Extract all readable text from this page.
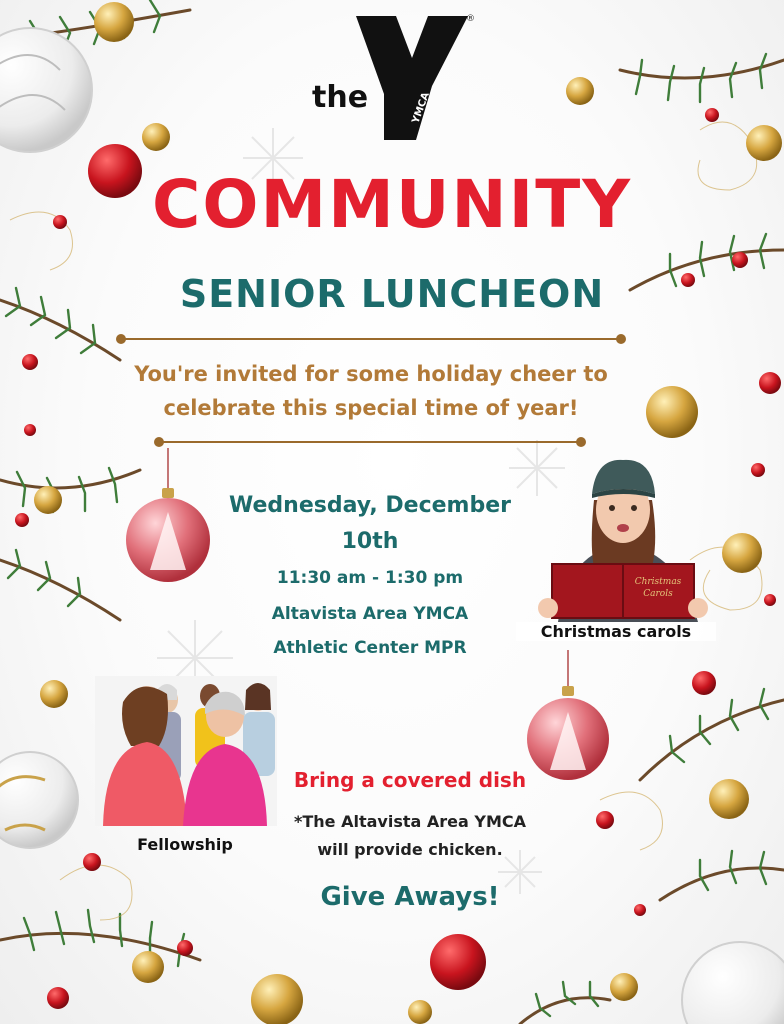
YMCA
the
®
COMMUNITY
SENIOR LUNCHEON
You're invited for some holiday cheer to
celebrate this special time of year!
Wednesday, December
10th
11:30 am - 1:30 pm
Altavista Area YMCA
Athletic Center MPR
Christmas
Carols
Christmas carols
Fellowship
Bring a covered dish
*The Altavista Area YMCA
will provide chicken.
Give Aways!
